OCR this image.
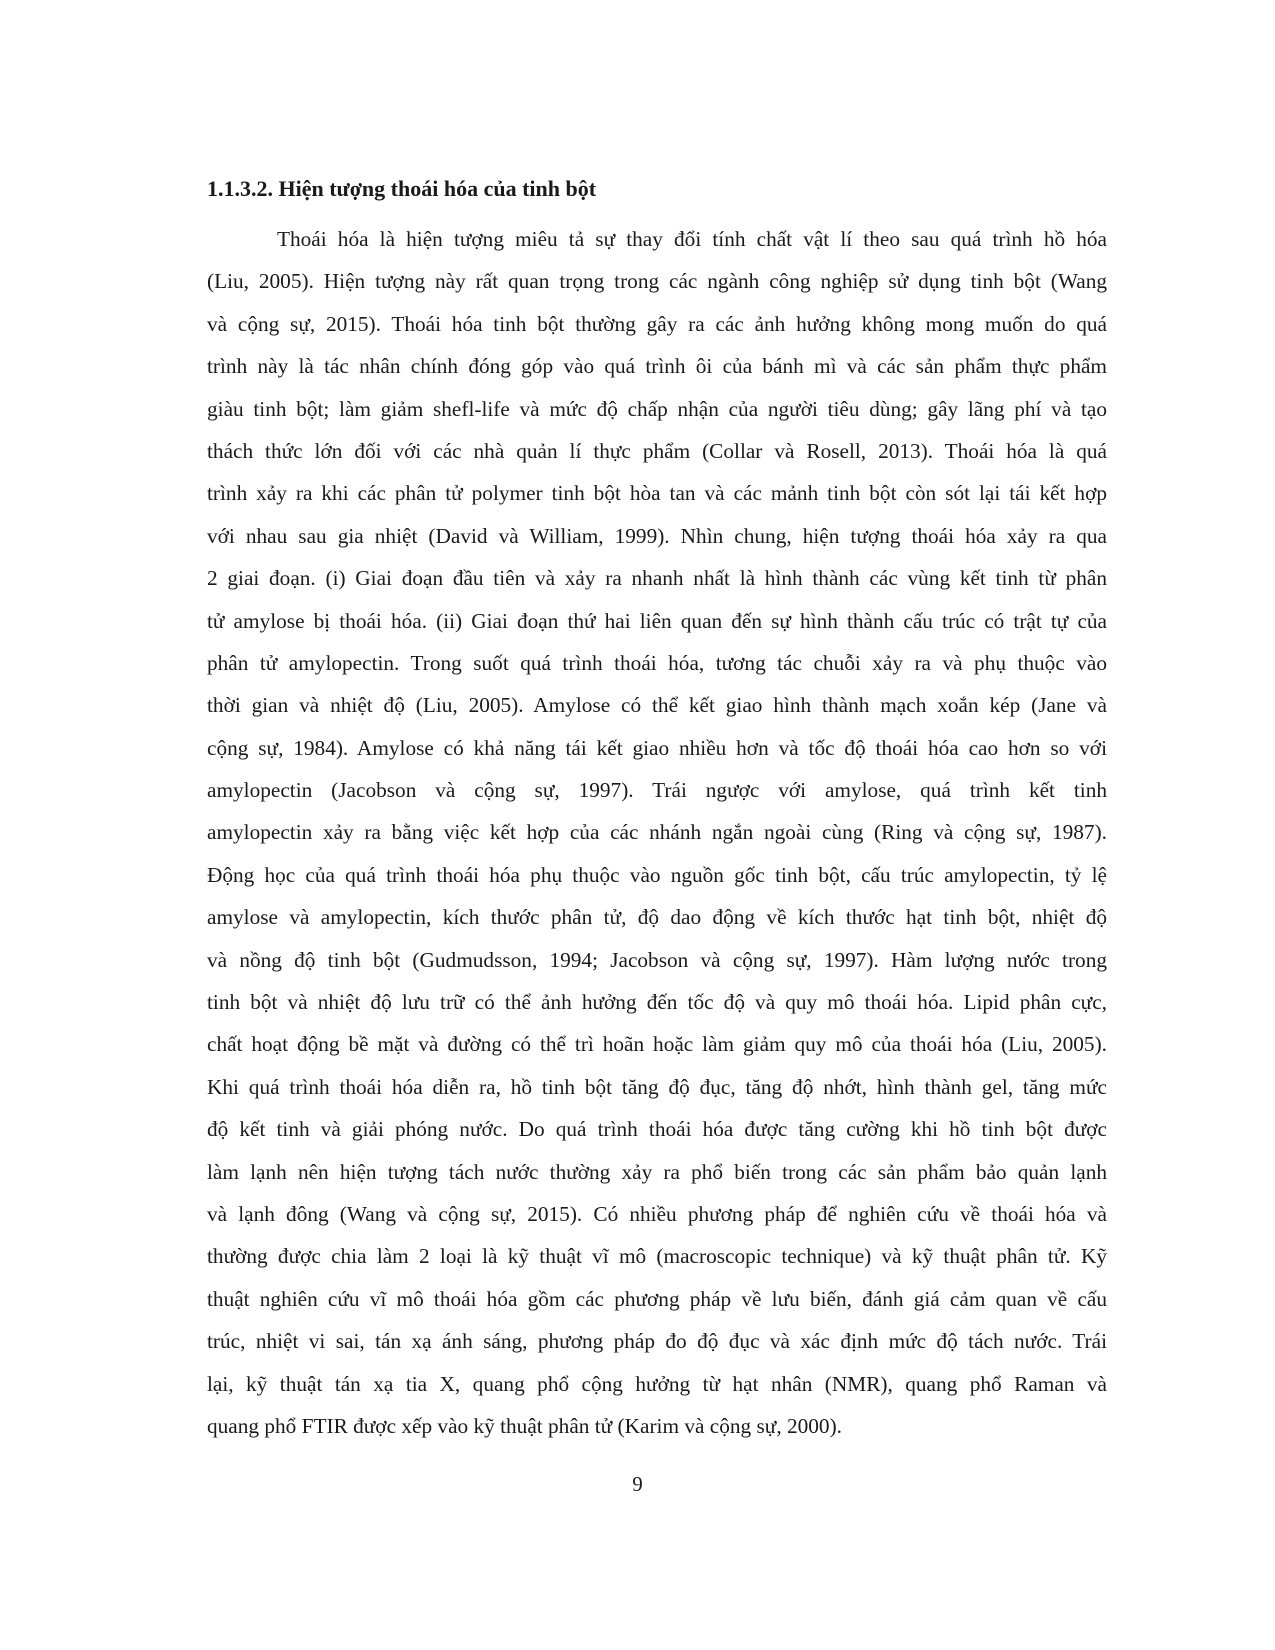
1.1.3.2. Hiện tượng thoái hóa của tinh bột
Thoái hóa là hiện tượng miêu tả sự thay đổi tính chất vật lí theo sau quá trình hồ hóa
(Liu, 2005). Hiện tượng này rất quan trọng trong các ngành công nghiệp sử dụng tinh bột (Wang
và cộng sự, 2015). Thoái hóa tinh bột thường gây ra các ảnh hưởng không mong muốn do quá
trình này là tác nhân chính đóng góp vào quá trình ôi của bánh mì và các sản phẩm thực phẩm
giàu tinh bột; làm giảm shefl-life và mức độ chấp nhận của người tiêu dùng; gây lãng phí và tạo
thách thức lớn đối với các nhà quản lí thực phẩm (Collar và Rosell, 2013). Thoái hóa là quá
trình xảy ra khi các phân tử polymer tinh bột hòa tan và các mảnh tinh bột còn sót lại tái kết hợp
với nhau sau gia nhiệt (David và William, 1999). Nhìn chung, hiện tượng thoái hóa xảy ra qua
2 giai đoạn. (i) Giai đoạn đầu tiên và xảy ra nhanh nhất là hình thành các vùng kết tinh từ phân
tử amylose bị thoái hóa. (ii) Giai đoạn thứ hai liên quan đến sự hình thành cấu trúc có trật tự của
phân tử amylopectin. Trong suốt quá trình thoái hóa, tương tác chuỗi xảy ra và phụ thuộc vào
thời gian và nhiệt độ (Liu, 2005). Amylose có thể kết giao hình thành mạch xoắn kép (Jane và
cộng sự, 1984). Amylose có khả năng tái kết giao nhiều hơn và tốc độ thoái hóa cao hơn so với
amylopectin (Jacobson và cộng sự, 1997). Trái ngược với amylose, quá trình kết tinh
amylopectin xảy ra bằng việc kết hợp của các nhánh ngắn ngoài cùng (Ring và cộng sự, 1987).
Động học của quá trình thoái hóa phụ thuộc vào nguồn gốc tinh bột, cấu trúc amylopectin, tỷ lệ
amylose và amylopectin, kích thước phân tử, độ dao động về kích thước hạt tinh bột, nhiệt độ
và nồng độ tinh bột (Gudmudsson, 1994; Jacobson và cộng sự, 1997). Hàm lượng nước trong
tinh bột và nhiệt độ lưu trữ có thể ảnh hưởng đến tốc độ và quy mô thoái hóa. Lipid phân cực,
chất hoạt động bề mặt và đường có thể trì hoãn hoặc làm giảm quy mô của thoái hóa (Liu, 2005).
Khi quá trình thoái hóa diễn ra, hồ tinh bột tăng độ đục, tăng độ nhớt, hình thành gel, tăng mức
độ kết tinh và giải phóng nước. Do quá trình thoái hóa được tăng cường khi hồ tinh bột được
làm lạnh nên hiện tượng tách nước thường xảy ra phổ biến trong các sản phẩm bảo quản lạnh
và lạnh đông (Wang và cộng sự, 2015). Có nhiều phương pháp để nghiên cứu về thoái hóa và
thường được chia làm 2 loại là kỹ thuật vĩ mô (macroscopic technique) và kỹ thuật phân tử. Kỹ
thuật nghiên cứu vĩ mô thoái hóa gồm các phương pháp về lưu biến, đánh giá cảm quan về cấu
trúc, nhiệt vi sai, tán xạ ánh sáng, phương pháp đo độ đục và xác định mức độ tách nước. Trái
lại, kỹ thuật tán xạ tia X, quang phổ cộng hưởng từ hạt nhân (NMR), quang phổ Raman và
quang phổ FTIR được xếp vào kỹ thuật phân tử (Karim và cộng sự, 2000).
9
